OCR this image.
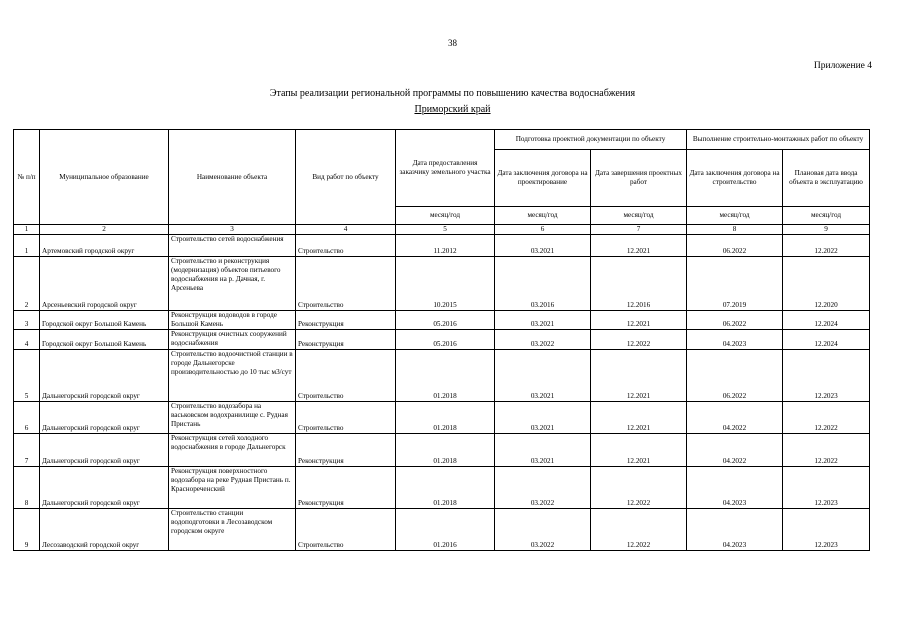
38
Приложение 4
Этапы реализации региональной программы по повышению качества водоснабжения
Приморский край
№ п/п	Муниципальное образование	Наименование объекта	Вид работ по объекту	Дата предоставления заказчику земельного участка	Подготовка проектной документации по объекту		Выполнение строительно-монтажных работ по объекту	
					Дата заключения договора на проектирование	Дата завершения проектных работ	Дата заключения договора на строительство	Плановая дата ввода объекта в эксплуатацию
				месяц/год	месяц/год	месяц/год	месяц/год	месяц/год
1	2	3	4	5	6	7	8	9
1	Артемовский городской округ	Строительство сетей водоснабжения	Строительство	11.2012	03.2021	12.2021	06.2022	12.2022
2	Арсеньевский городской округ	Строительство и реконструкция (модернизация) объектов питьевого водоснабжения на р. Дачная, г. Арсеньева	Строительство	10.2015	03.2016	12.2016	07.2019	12.2020
3	Городской округ Большой Камень	Реконструкция водоводов в городе Большой Камень	Реконструкция	05.2016	03.2021	12.2021	06.2022	12.2024
4	Городской округ Большой Камень	Реконструкция очистных сооружений водоснабжения	Реконструкция	05.2016	03.2022	12.2022	04.2023	12.2024
5	Дальнегорский городской округ	Строительство водоочистной станции в городе Дальнегорске производительностью до 10 тыс м3/сут	Строительство	01.2018	03.2021	12.2021	06.2022	12.2023
6	Дальнегорский городской округ	Строительство водозабора на васьковском водохранилище с. Рудная Пристань	Строительство	01.2018	03.2021	12.2021	04.2022	12.2022
7	Дальнегорский городской округ	Реконструкция сетей холодного водоснабжения в городе Дальнегорск	Реконструкция	01.2018	03.2021	12.2021	04.2022	12.2022
8	Дальнегорский городской округ	Реконструкция поверхностного водозабора на реке Рудная Пристань п. Краснореченский	Реконструкция	01.2018	03.2022	12.2022	04.2023	12.2023
9	Лесозаводский городской округ	Строительство станции водоподготовки в Лесозаводском городском округе	Строительство	01.2016	03.2022	12.2022	04.2023	12.2023
